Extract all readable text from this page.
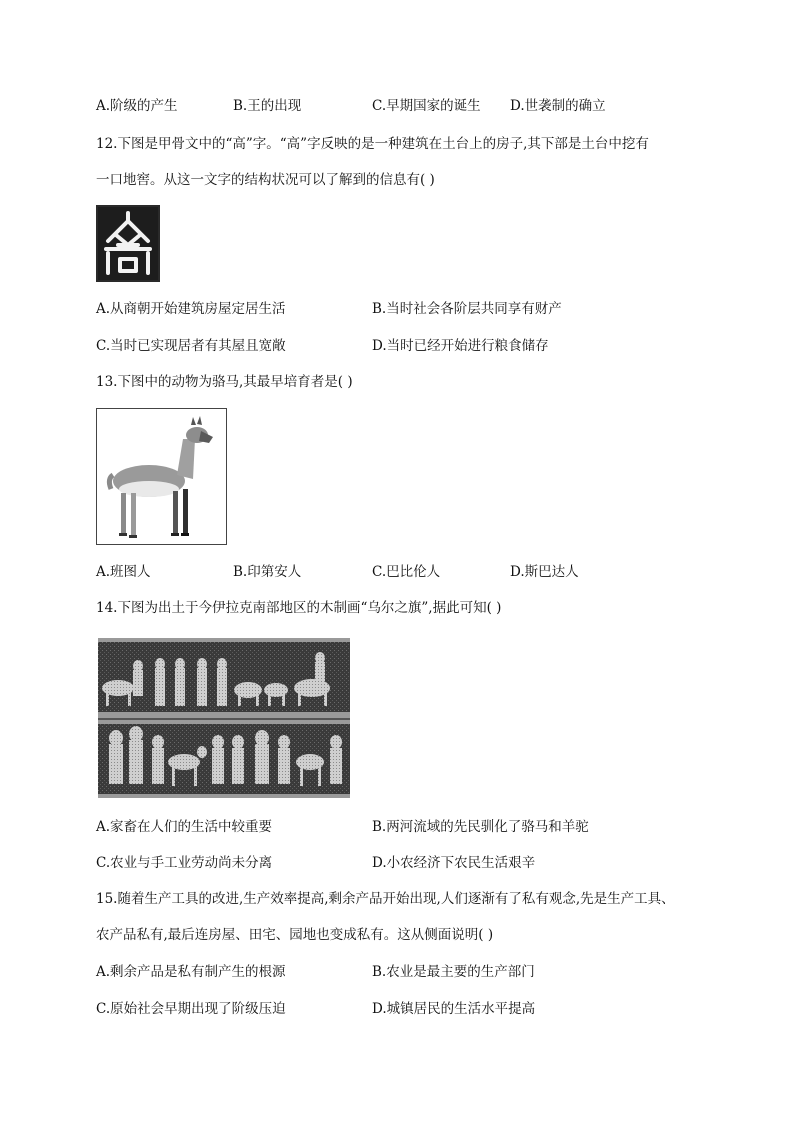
A.阶级的产生	B.王的出现	C.早期国家的诞生 D.世袭制的确立
12.下图是甲骨文中的“高”字。“高”字反映的是一种建筑在土台上的房子,其下部是土台中挖有
一口地窖。从这一文字的结构状况可以了解到的信息有( )
A.从商朝开始建筑房屋定居生活	B.当时社会各阶层共同享有财产
C.当时已实现居者有其屋且宽敞	D.当时已经开始进行粮食储存
13.下图中的动物为骆马,其最早培育者是( )
A.班图人	B.印第安人	C.巴比伦人	D.斯巴达人
14.下图为出土于今伊拉克南部地区的木制画“乌尔之旗”,据此可知( )
A.家畜在人们的生活中较重要	B.两河流域的先民驯化了骆马和羊驼
C.农业与手工业劳动尚未分离	D.小农经济下农民生活艰辛
15.随着生产工具的改进,生产效率提高,剩余产品开始出现,人们逐渐有了私有观念,先是生产工具、
农产品私有,最后连房屋、田宅、园地也变成私有。这从侧面说明( )
A.剩余产品是私有制产生的根源	B.农业是最主要的生产部门
C.原始社会早期出现了阶级压迫	D.城镇居民的生活水平提高
